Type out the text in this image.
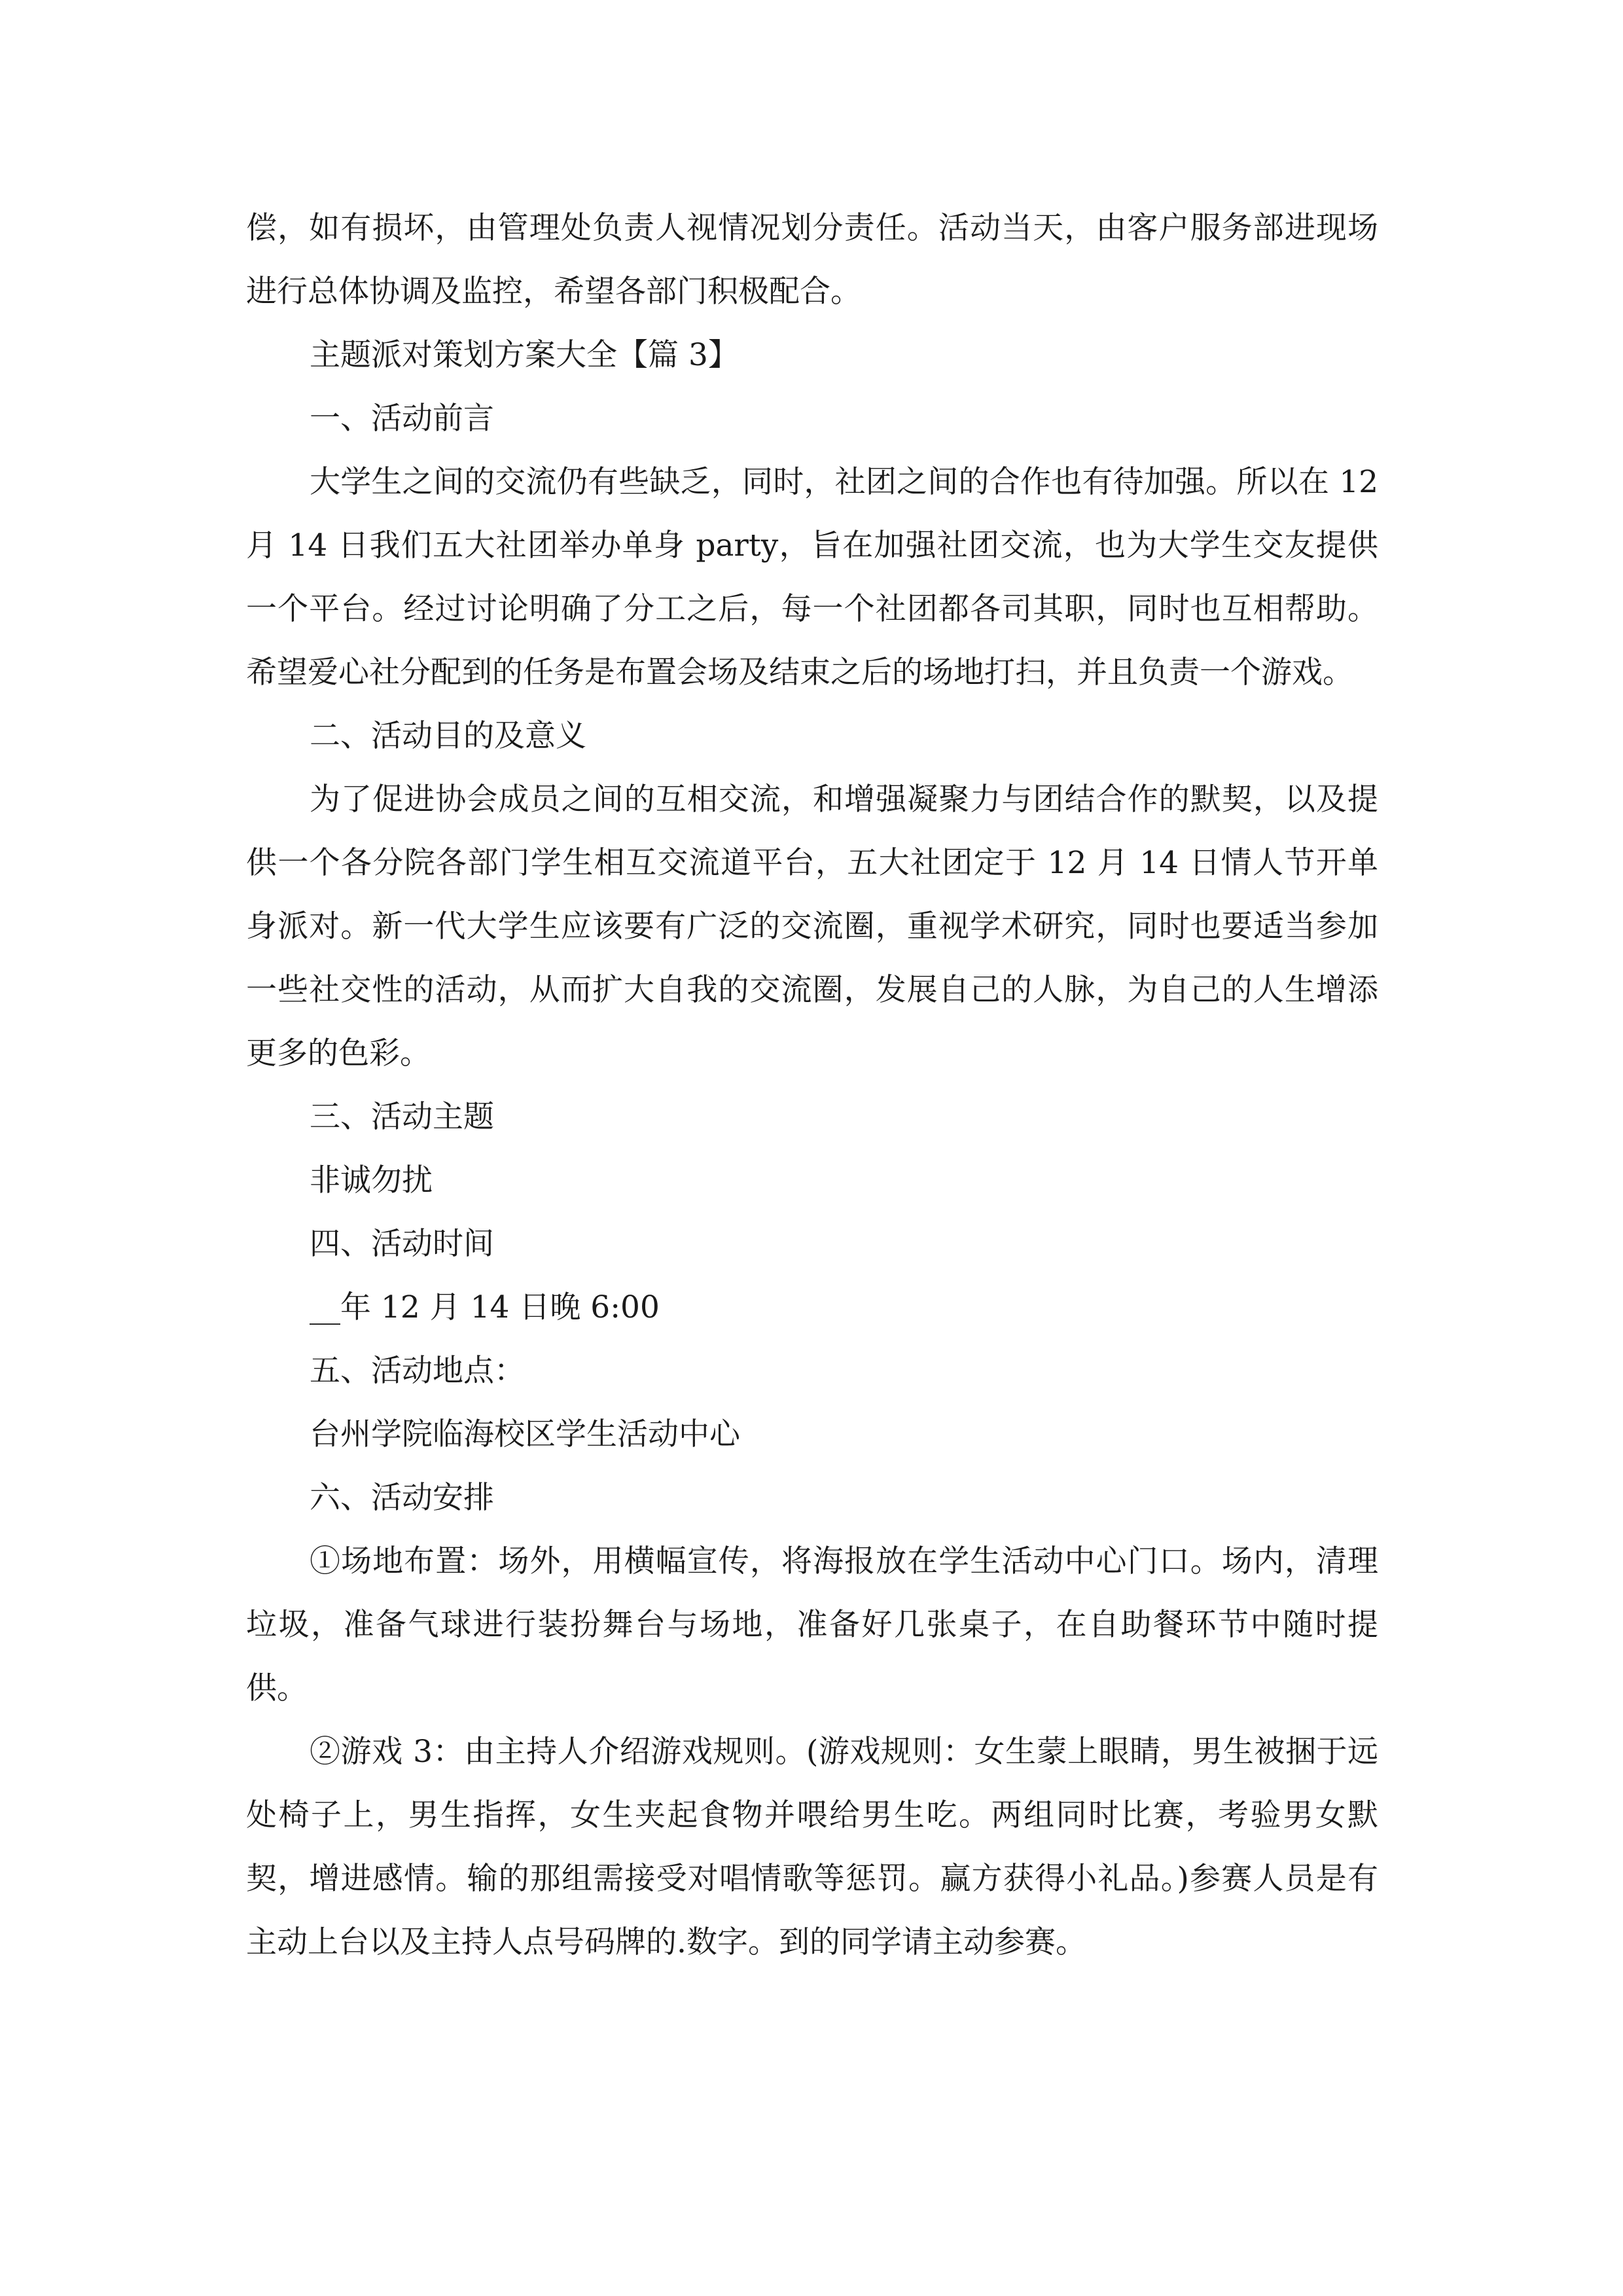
偿，如有损坏，由管理处负责人视情况划分责任。活动当天，由客户服务部进现场进行总体协调及监控，希望各部门积极配合。

主题派对策划方案大全【篇 3】

一、活动前言

大学生之间的交流仍有些缺乏，同时，社团之间的合作也有待加强。所以在 12 月 14 日我们五大社团举办单身 party，旨在加强社团交流，也为大学生交友提供一个平台。经过讨论明确了分工之后，每一个社团都各司其职，同时也互相帮助。希望爱心社分配到的任务是布置会场及结束之后的场地打扫，并且负责一个游戏。

二、活动目的及意义

为了促进协会成员之间的互相交流，和增强凝聚力与团结合作的默契，以及提供一个各分院各部门学生相互交流道平台，五大社团定于 12 月 14 日情人节开单身派对。新一代大学生应该要有广泛的交流圈，重视学术研究，同时也要适当参加一些社交性的活动，从而扩大自我的交流圈，发展自己的人脉，为自己的人生增添更多的色彩。

三、活动主题

非诚勿扰

四、活动时间

__年 12 月 14 日晚 6:00

五、活动地点：

台州学院临海校区学生活动中心

六、活动安排

①场地布置：场外，用横幅宣传，将海报放在学生活动中心门口。场内，清理垃圾，准备气球进行装扮舞台与场地，准备好几张桌子，在自助餐环节中随时提供。

②游戏 3：由主持人介绍游戏规则。(游戏规则：女生蒙上眼睛，男生被捆于远处椅子上，男生指挥，女生夹起食物并喂给男生吃。两组同时比赛，考验男女默契，增进感情。输的那组需接受对唱情歌等惩罚。赢方获得小礼品。)参赛人员是有主动上台以及主持人点号码牌的.数字。到的同学请主动参赛。
